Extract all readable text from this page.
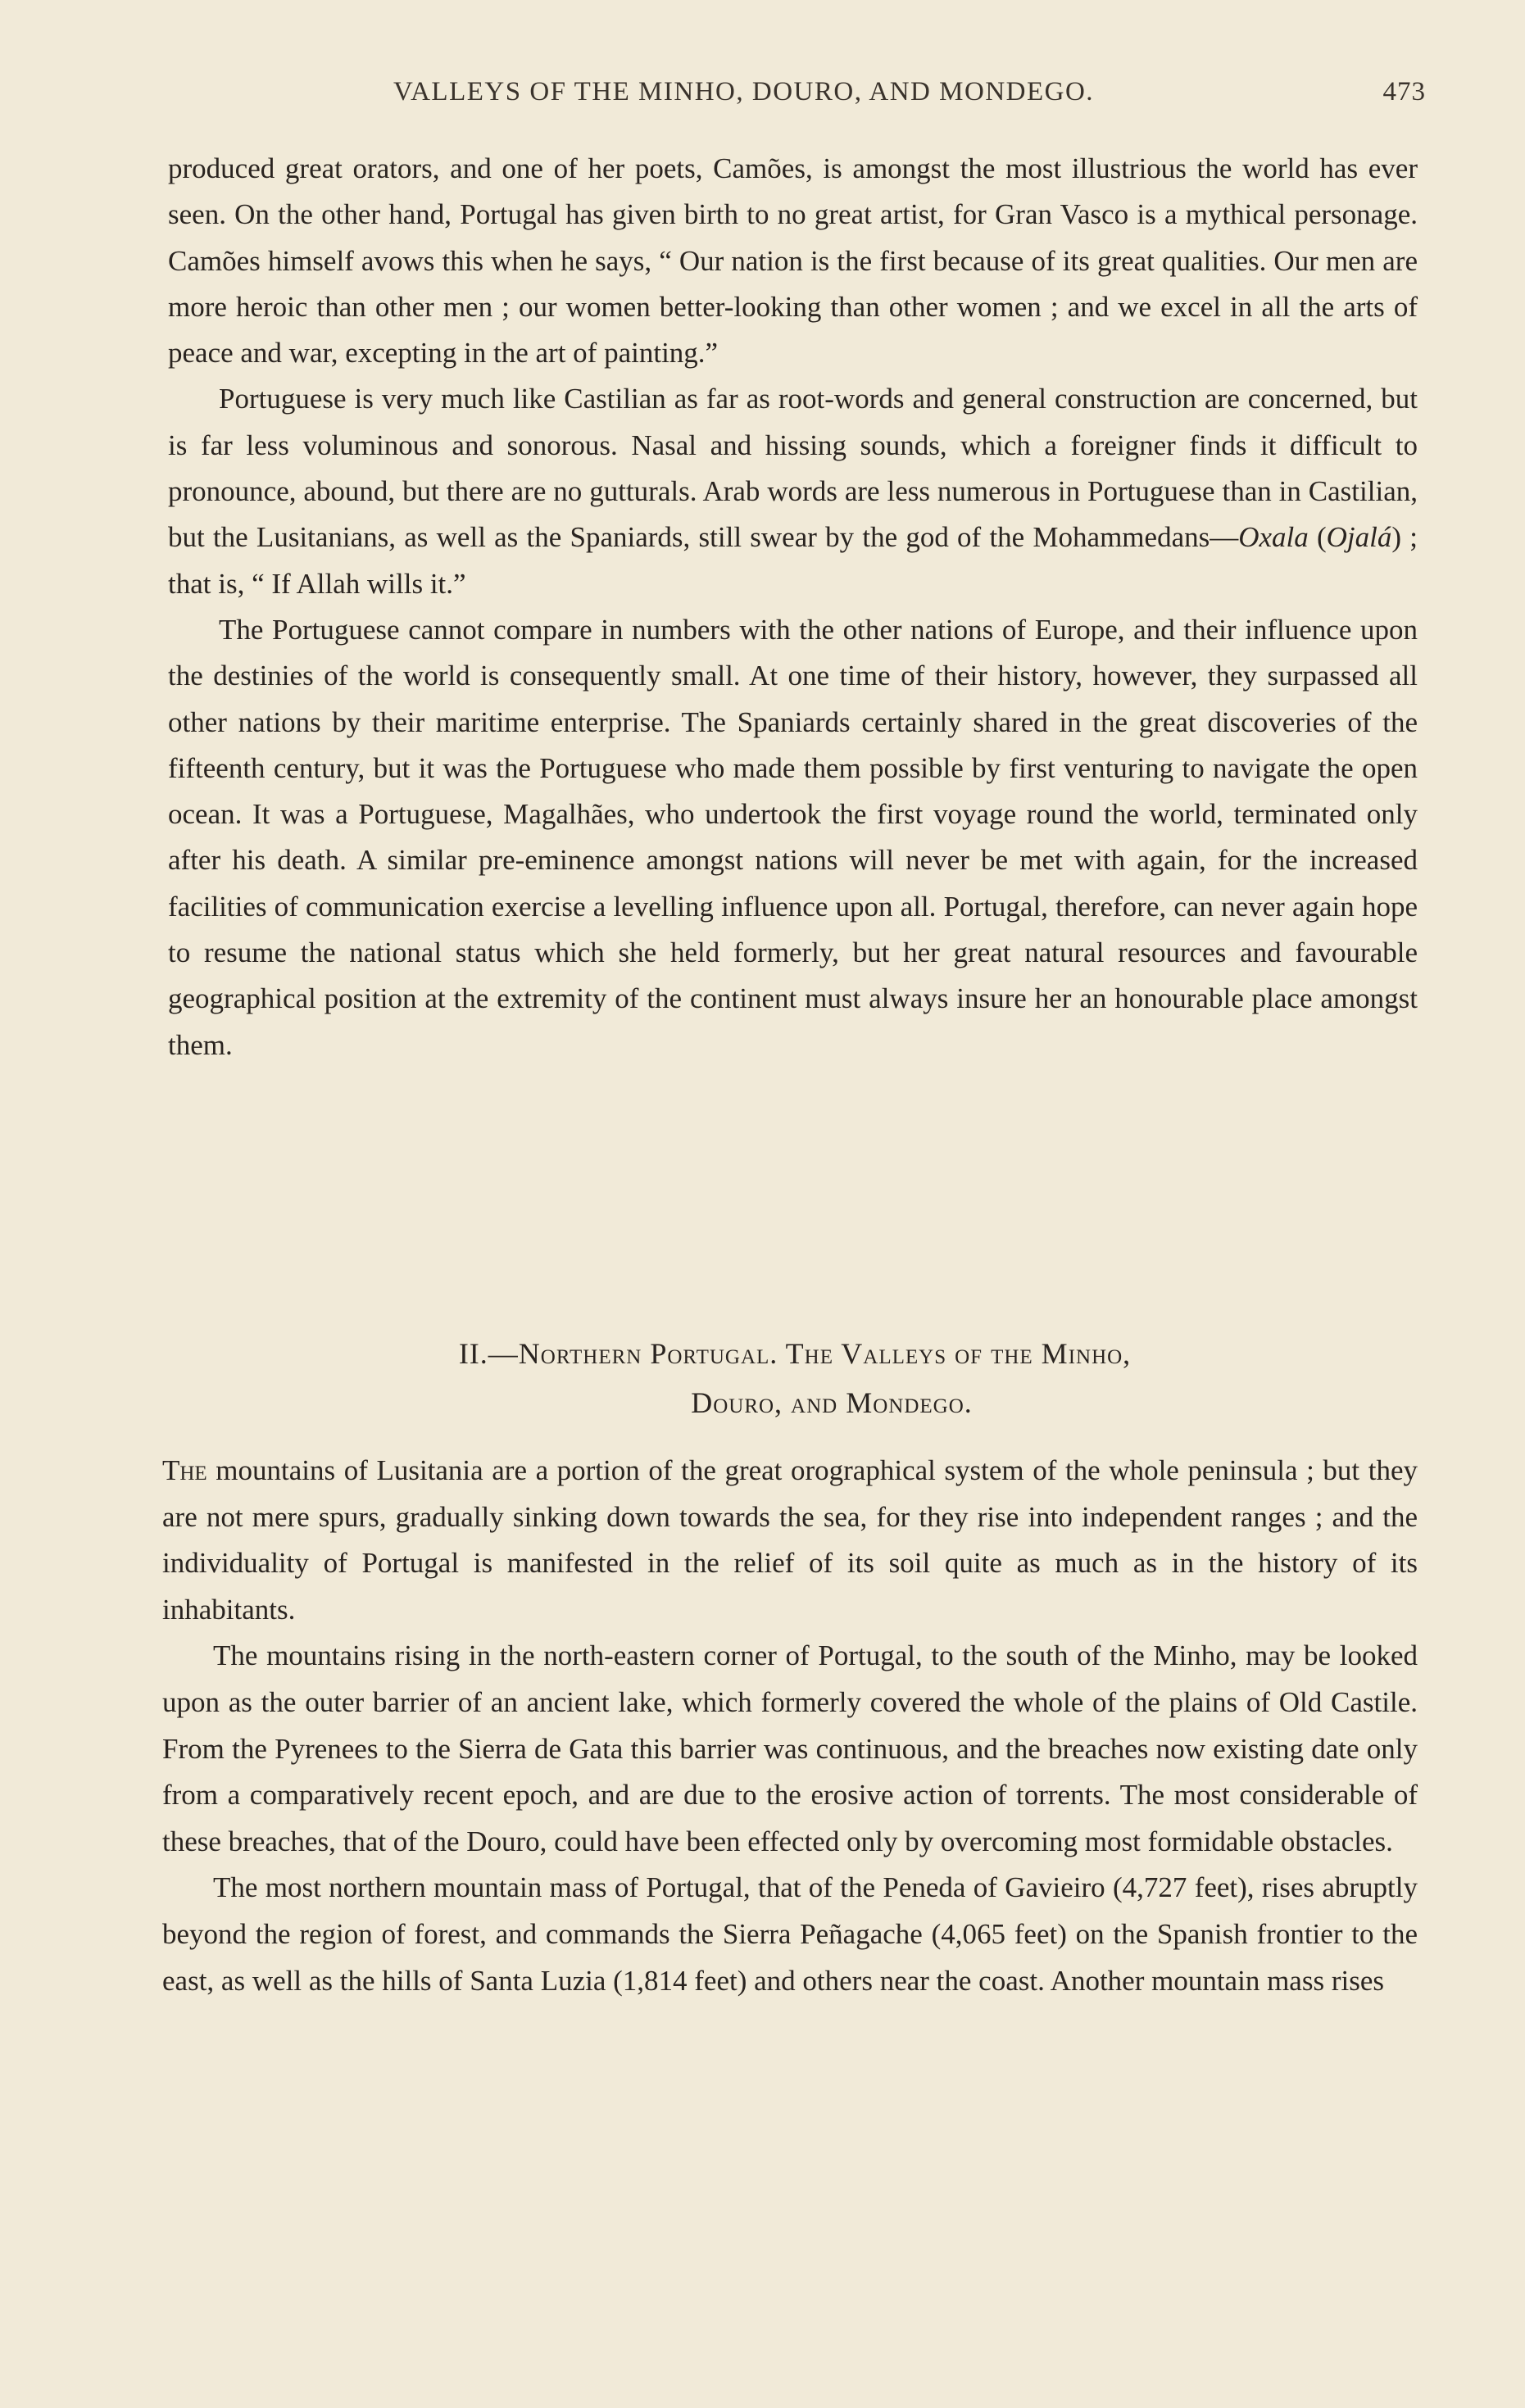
VALLEYS OF THE MINHO, DOURO, AND MONDEGO.	473

produced great orators, and one of her poets, Camões, is amongst the most illustrious the world has ever seen. On the other hand, Portugal has given birth to no great artist, for Gran Vasco is a mythical personage. Camões himself avows this when he says, “ Our nation is the first because of its great qualities. Our men are more heroic than other men ; our women better-looking than other women ; and we excel in all the arts of peace and war, excepting in the art of painting.”

Portuguese is very much like Castilian as far as root-words and general construction are concerned, but is far less voluminous and sonorous. Nasal and hissing sounds, which a foreigner finds it difficult to pronounce, abound, but there are no gutturals. Arab words are less numerous in Portuguese than in Castilian, but the Lusitanians, as well as the Spaniards, still swear by the god of the Mohammedans—Oxala (Ojalá) ; that is, “ If Allah wills it.”

The Portuguese cannot compare in numbers with the other nations of Europe, and their influence upon the destinies of the world is consequently small. At one time of their history, however, they surpassed all other nations by their maritime enterprise. The Spaniards certainly shared in the great discoveries of the fifteenth century, but it was the Portuguese who made them possible by first venturing to navigate the open ocean. It was a Portuguese, Magalhães, who undertook the first voyage round the world, terminated only after his death. A similar pre-eminence amongst nations will never be met with again, for the increased facilities of communication exercise a levelling influence upon all. Portugal, therefore, can never again hope to resume the national status which she held formerly, but her great natural resources and favourable geographical position at the extremity of the continent must always insure her an honourable place amongst them.

II.—Northern Portugal. The Valleys of the Minho,
Douro, and Mondego.

The mountains of Lusitania are a portion of the great orographical system of the whole peninsula ; but they are not mere spurs, gradually sinking down towards the sea, for they rise into independent ranges ; and the individuality of Portugal is manifested in the relief of its soil quite as much as in the history of its inhabitants.

The mountains rising in the north-eastern corner of Portugal, to the south of the Minho, may be looked upon as the outer barrier of an ancient lake, which formerly covered the whole of the plains of Old Castile. From the Pyrenees to the Sierra de Gata this barrier was continuous, and the breaches now existing date only from a comparatively recent epoch, and are due to the erosive action of torrents. The most considerable of these breaches, that of the Douro, could have been effected only by overcoming most formidable obstacles.

The most northern mountain mass of Portugal, that of the Peneda of Gavieiro (4,727 feet), rises abruptly beyond the region of forest, and commands the Sierra Peñagache (4,065 feet) on the Spanish frontier to the east, as well as the hills of Santa Luzia (1,814 feet) and others near the coast. Another mountain mass rises
